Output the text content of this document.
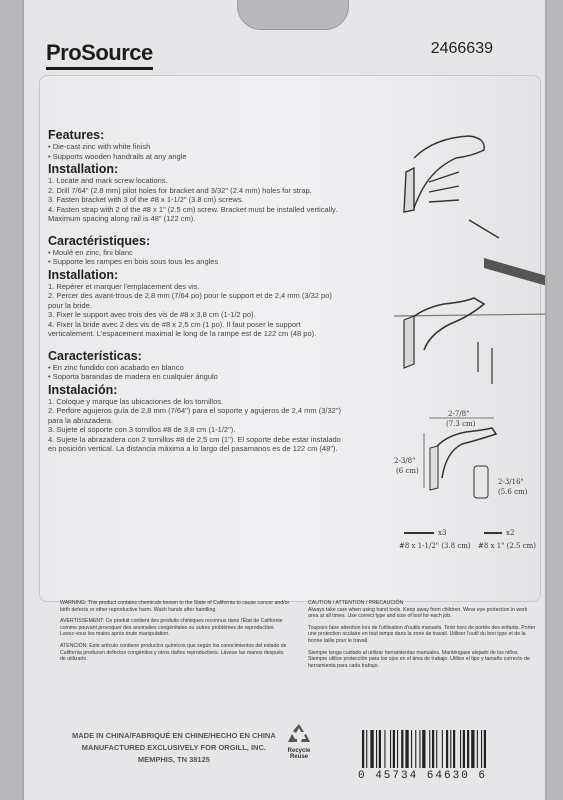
ProSource	2466639

Features:

• Die-cast zinc with white finish
• Supports wooden handrails at any angle

Installation:

1. Locate and mark screw locations.
2. Drill 7/64" (2.8 mm) pilot holes for bracket and 3/32" (2.4 mm) holes for strap.
3. Fasten bracket with 3 of the #8 x 1-1/2" (3.8 cm) screws.
4. Fasten strap with 2 of the #8 x 1" (2.5 cm) screw. Bracket must be installed vertically. Maximum spacing along rail is 48" (122 cm).

Caractéristiques:

• Moulé en zinc, fini blanc
• Supporte les rampes en bois sous tous les angles

Installation:

1. Repérer et marquer l'emplacement des vis.
2. Percer des avant-trous de 2,8 mm (7/64 po) pour le support et de 2,4 mm (3/32 po) pour la bride.
3. Fixer le support avec trois des vis de #8 x 3,8 cm (1-1/2 po).
4. Fixer la bride avec 2 des vis de #8 x 2,5 cm (1 po). Il faut poser le support verticalement. L'espacement maximal le long de la rampe est de 122 cm (48 po).

Características:

• En zinc fundido con acabado en blanco
• Soporta barandas de madera en cualquier ángulo

Instalación:

1. Coloque y marque las ubicaciones de los tornillos.
2. Perfore agujeros guía de 2,8 mm (7/64") para el soporte y agujeros de 2,4 mm (3/32") para la abrazadera.
3. Sujete el soporte con 3 tornillos #8 de 3,8 cm (1-1/2").
4. Sujete la abrazadera con 2 tornillos #8 de 2,5 cm (1"). El soporte debe estar instalado en posición vertical. La distancia máxima a lo largo del pasamanos es de 122 cm (48").
2-7/8"
(7.3 cm)
2-3/8"
(6 cm)
2-3/16"
(5.6 cm)
x3
#8 x 1-1/2" (3.8 cm)
x2
#8 x 1" (2.5 cm)

WARNING: This product contains chemicals known to the State of California to cause cancer and/or birth defects or other reproductive harm. Wash hands after handling.

AVERTISSEMENT: Ce produit contient des produits chimiques reconnus dans l'État de Californie comme pouvant provoquer des anomalies congénitales ou autres problèmes de reproduction. Lavez-vous les mains après toute manipulation.

ATENCIÓN: Este artículo contiene productos químicos que según los conocimientos del estado de California producen defectos congénitos y otros daños reproductivos. Lávese las manos después de utilizarlo.

CAUTION / ATTENTION / PRECAUCIÓN

Always take care when using hand tools. Keep away from children. Wear eye protection in work area at all times. Use correct type and size of tool for each job.

Toujours faire attention lors de l'utilisation d'outils manuels. Tenir hors de portée des enfants. Porter une protection oculaire en tout temps dans la zone de travail. Utiliser l'outil du bon type et de la bonne taille pour le travail.

Siempre tenga cuidado al utilizar herramientas manuales. Manténgase alejado de los niños. Siempre utilice protección para los ojos en el área de trabajo. Utilice el tipo y tamaño correcto de herramienta para cada trabajo.

MADE IN CHINA/FABRIQUÉ EN CHINE/HECHO EN CHINA
MANUFACTURED EXCLUSIVELY FOR ORGILL, INC.
MEMPHIS, TN 38125
Recycle
Reuse
0 45734 64630 6
